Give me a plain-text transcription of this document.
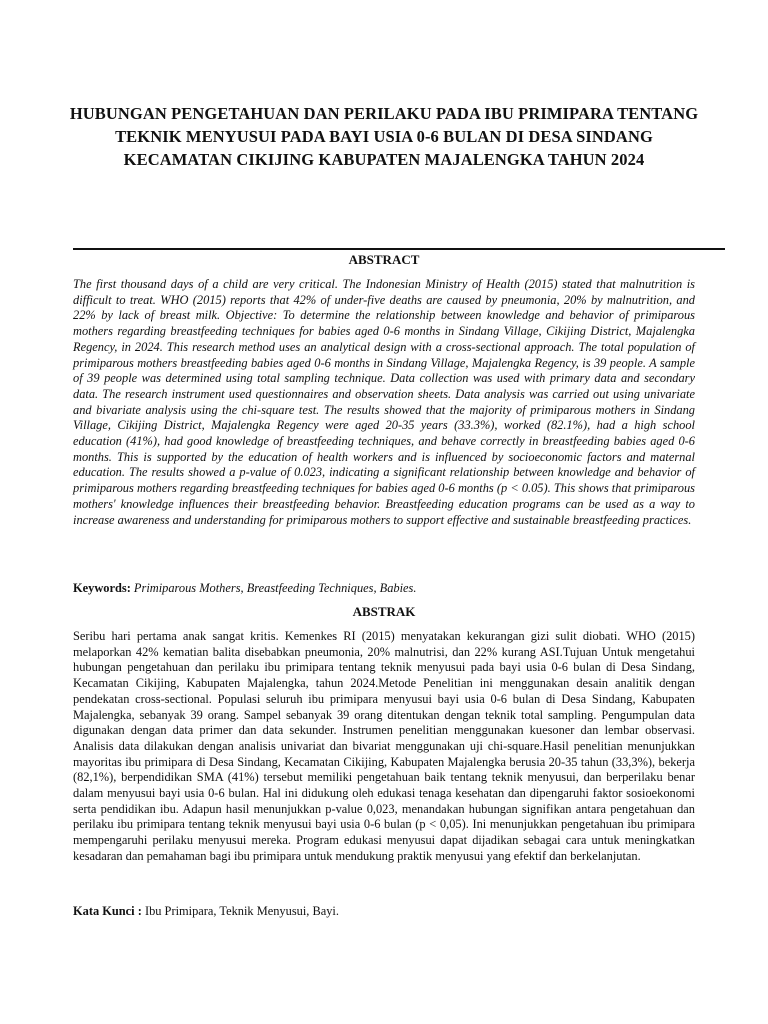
HUBUNGAN PENGETAHUAN DAN PERILAKU PADA IBU PRIMIPARA TENTANG TEKNIK MENYUSUI PADA BAYI USIA 0-6 BULAN DI DESA SINDANG KECAMATAN CIKIJING KABUPATEN MAJALENGKA TAHUN 2024
ABSTRACT
The first thousand days of a child are very critical. The Indonesian Ministry of Health (2015) stated that malnutrition is difficult to treat. WHO (2015) reports that 42% of under-five deaths are caused by pneumonia, 20% by malnutrition, and 22% by lack of breast milk. Objective: To determine the relationship between knowledge and behavior of primiparous mothers regarding breastfeeding techniques for babies aged 0-6 months in Sindang Village, Cikijing District, Majalengka Regency, in 2024. This research method uses an analytical design with a cross-sectional approach. The total population of primiparous mothers breastfeeding babies aged 0-6 months in Sindang Village, Majalengka Regency, is 39 people. A sample of 39 people was determined using total sampling technique. Data collection was used with primary data and secondary data. The research instrument used questionnaires and observation sheets. Data analysis was carried out using univariate and bivariate analysis using the chi-square test. The results showed that the majority of primiparous mothers in Sindang Village, Cikijing District, Majalengka Regency were aged 20-35 years (33.3%), worked (82.1%), had a high school education (41%), had good knowledge of breastfeeding techniques, and behave correctly in breastfeeding babies aged 0-6 months. This is supported by the education of health workers and is influenced by socioeconomic factors and maternal education. The results showed a p-value of 0.023, indicating a significant relationship between knowledge and behavior of primiparous mothers regarding breastfeeding techniques for babies aged 0-6 months (p < 0.05). This shows that primiparous mothers' knowledge influences their breastfeeding behavior. Breastfeeding education programs can be used as a way to increase awareness and understanding for primiparous mothers to support effective and sustainable breastfeeding practices.
Keywords: Primiparous Mothers, Breastfeeding Techniques, Babies.
ABSTRAK
Seribu hari pertama anak sangat kritis. Kemenkes RI (2015) menyatakan kekurangan gizi sulit diobati. WHO (2015) melaporkan 42% kematian balita disebabkan pneumonia, 20% malnutrisi, dan 22% kurang ASI.Tujuan Untuk mengetahui hubungan pengetahuan dan perilaku ibu primipara tentang teknik menyusui pada bayi usia 0-6 bulan di Desa Sindang, Kecamatan Cikijing, Kabupaten Majalengka, tahun 2024.Metode Penelitian ini menggunakan desain analitik dengan pendekatan cross-sectional. Populasi seluruh ibu primipara menyusui bayi usia 0-6 bulan di Desa Sindang, Kabupaten Majalengka, sebanyak 39 orang. Sampel sebanyak 39 orang ditentukan dengan teknik total sampling. Pengumpulan data digunakan dengan data primer dan data sekunder. Instrumen penelitian menggunakan kuesoner dan lembar observasi. Analisis data dilakukan dengan analisis univariat dan bivariat menggunakan uji chi-square.Hasil penelitian menunjukkan mayoritas ibu primipara di Desa Sindang, Kecamatan Cikijing, Kabupaten Majalengka berusia 20-35 tahun (33,3%), bekerja (82,1%), berpendidikan SMA (41%) tersebut memiliki pengetahuan baik tentang teknik menyusui, dan berperilaku benar dalam menyusui bayi usia 0-6 bulan. Hal ini didukung oleh edukasi tenaga kesehatan dan dipengaruhi faktor sosioekonomi serta pendidikan ibu. Adapun hasil menunjukkan p-value 0,023, menandakan hubungan signifikan antara pengetahuan dan perilaku ibu primipara tentang teknik menyusui bayi usia 0-6 bulan (p < 0,05). Ini menunjukkan pengetahuan ibu primipara mempengaruhi perilaku menyusui mereka. Program edukasi menyusui dapat dijadikan sebagai cara untuk meningkatkan kesadaran dan pemahaman bagi ibu primipara untuk mendukung praktik menyusui yang efektif dan berkelanjutan.
Kata Kunci : Ibu Primipara, Teknik Menyusui, Bayi.
